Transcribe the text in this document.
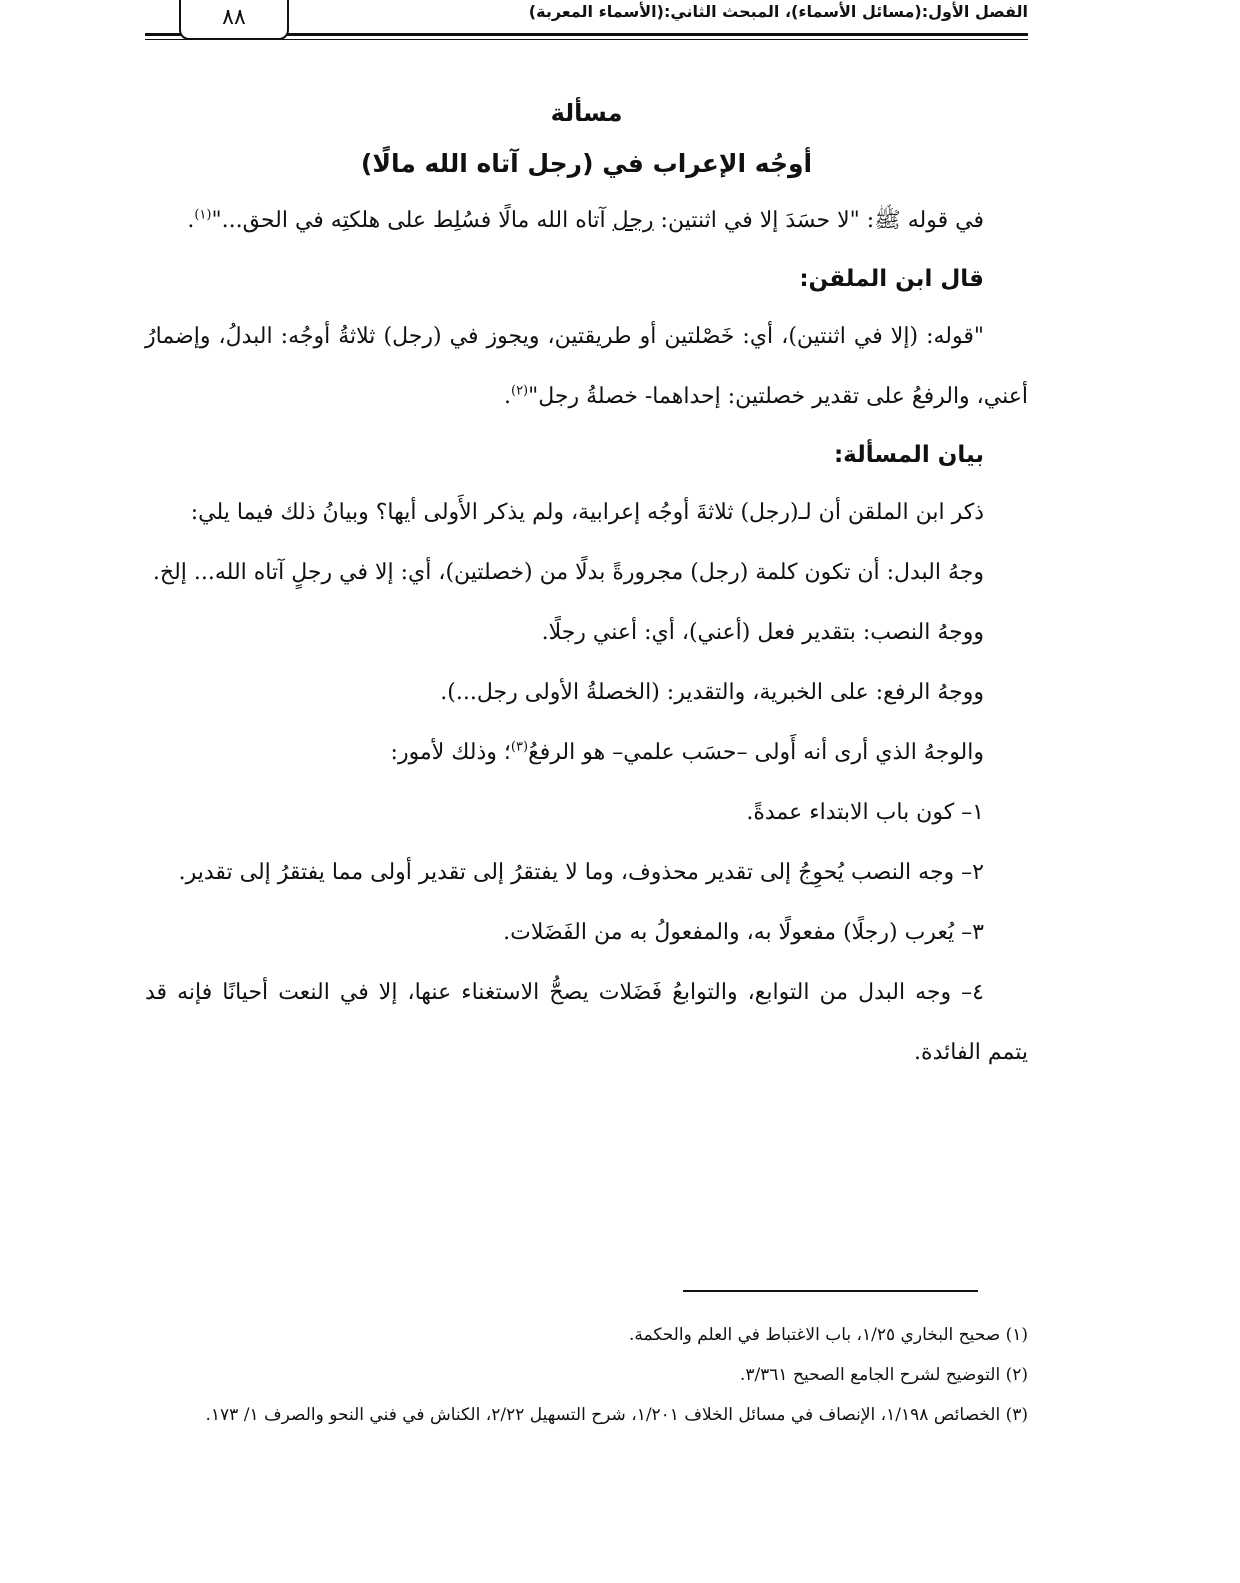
٨٨	الفصل الأول:(مسائل الأسماء)، المبحث الثاني:(الأسماء المعربة)
مسألة
أوجُه الإعراب في (رجل آتاه الله مالًا)

في قوله ﷺ: "لا حسَدَ إلا في اثنتين: رجل آتاه الله مالًا فسُلِط على هلكتِه في الحق..."$^{(١)}$.

قال ابن الملقن:

"قوله: (إلا في اثنتين)، أي: خَصْلتين أو طريقتين، ويجوز في (رجل) ثلاثةُ أوجُه: البدلُ، وإضمارُ أعني، والرفعُ على تقدير خصلتين: إحداهما- خصلةُ رجل"$^{(٢)}$.

بيان المسألة:

ذكر ابن الملقن أن لـ(رجل) ثلاثةَ أوجُه إعرابية، ولم يذكر الأَولى أيها؟ وبيانُ ذلك فيما يلي:

وجهُ البدل: أن تكون كلمة (رجل) مجرورةً بدلًا من (خصلتين)، أي: إلا في رجلٍ آتاه الله... إلخ.

ووجهُ النصب: بتقدير فعل (أعني)، أي: أعني رجلًا.

ووجهُ الرفع: على الخبرية، والتقدير: (الخصلةُ الأولى رجل...).

والوجهُ الذي أرى أنه أَولى –حسَب علمي– هو الرفعُ$^{(٣)}$؛ وذلك لأمور:

١– كون باب الابتداء عمدةً.

٢– وجه النصب يُحوِجُ إلى تقدير محذوف، وما لا يفتقرُ إلى تقدير أولى مما يفتقرُ إلى تقدير.

٣– يُعرب (رجلًا) مفعولًا به، والمفعولُ به من الفَضَلات.

٤– وجه البدل من التوابع، والتوابعُ فَضَلات يصحُّ الاستغناء عنها، إلا في النعت أحيانًا فإنه قد يتمم الفائدة.

(١) صحيح البخاري ١/٢٥، باب الاغتباط في العلم والحكمة.

(٢) التوضيح لشرح الجامع الصحيح ٣/٣٦١.

(٣) الخصائص ١/١٩٨، الإنصاف في مسائل الخلاف ١/٢٠١، شرح التسهيل ٢/٢٢، الكناش في فني النحو والصرف ١/ ١٧٣.
